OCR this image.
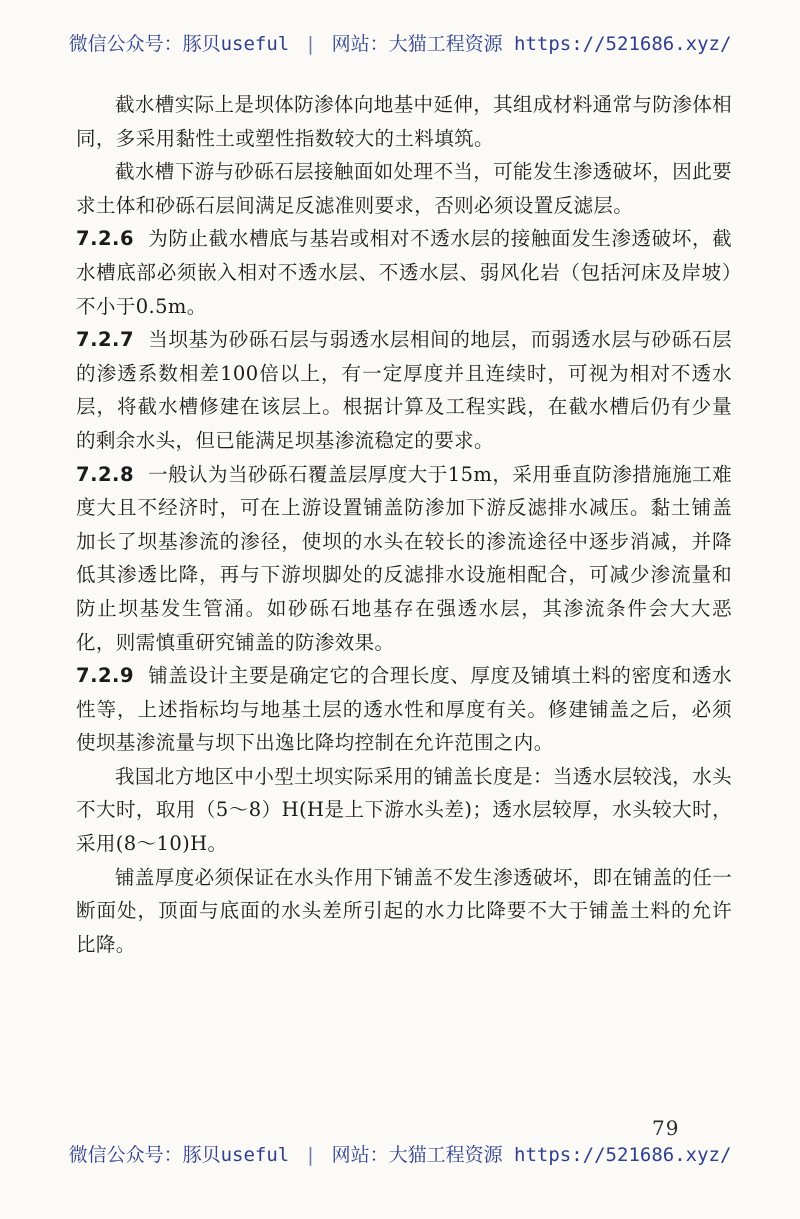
微信公众号：豚贝useful | 网站：大猫工程资源 https://521686.xyz/

截水槽实际上是坝体防渗体向地基中延伸，其组成材料通常与防渗体相同，多采用黏性土或塑性指数较大的土料填筑。

截水槽下游与砂砾石层接触面如处理不当，可能发生渗透破坏，因此要求土体和砂砾石层间满足反滤准则要求，否则必须设置反滤层。

7.2.6 为防止截水槽底与基岩或相对不透水层的接触面发生渗透破坏，截水槽底部必须嵌入相对不透水层、不透水层、弱风化岩（包括河床及岸坡）不小于0.5m。

7.2.7 当坝基为砂砾石层与弱透水层相间的地层，而弱透水层与砂砾石层的渗透系数相差100倍以上，有一定厚度并且连续时，可视为相对不透水层，将截水槽修建在该层上。根据计算及工程实践，在截水槽后仍有少量的剩余水头，但已能满足坝基渗流稳定的要求。

7.2.8 一般认为当砂砾石覆盖层厚度大于15m，采用垂直防渗措施施工难度大且不经济时，可在上游设置铺盖防渗加下游反滤排水减压。黏土铺盖加长了坝基渗流的渗径，使坝的水头在较长的渗流途径中逐步消减，并降低其渗透比降，再与下游坝脚处的反滤排水设施相配合，可减少渗流量和防止坝基发生管涌。如砂砾石地基存在强透水层，其渗流条件会大大恶化，则需慎重研究铺盖的防渗效果。

7.2.9 铺盖设计主要是确定它的合理长度、厚度及铺填土料的密度和透水性等，上述指标均与地基土层的透水性和厚度有关。修建铺盖之后，必须使坝基渗流量与坝下出逸比降均控制在允许范围之内。

我国北方地区中小型土坝实际采用的铺盖长度是：当透水层较浅，水头不大时，取用（5～8）H(H是上下游水头差)；透水层较厚，水头较大时，采用(8～10)H。

铺盖厚度必须保证在水头作用下铺盖不发生渗透破坏，即在铺盖的任一断面处，顶面与底面的水头差所引起的水力比降要不大于铺盖土料的允许比降。

79
微信公众号：豚贝useful | 网站：大猫工程资源 https://521686.xyz/
